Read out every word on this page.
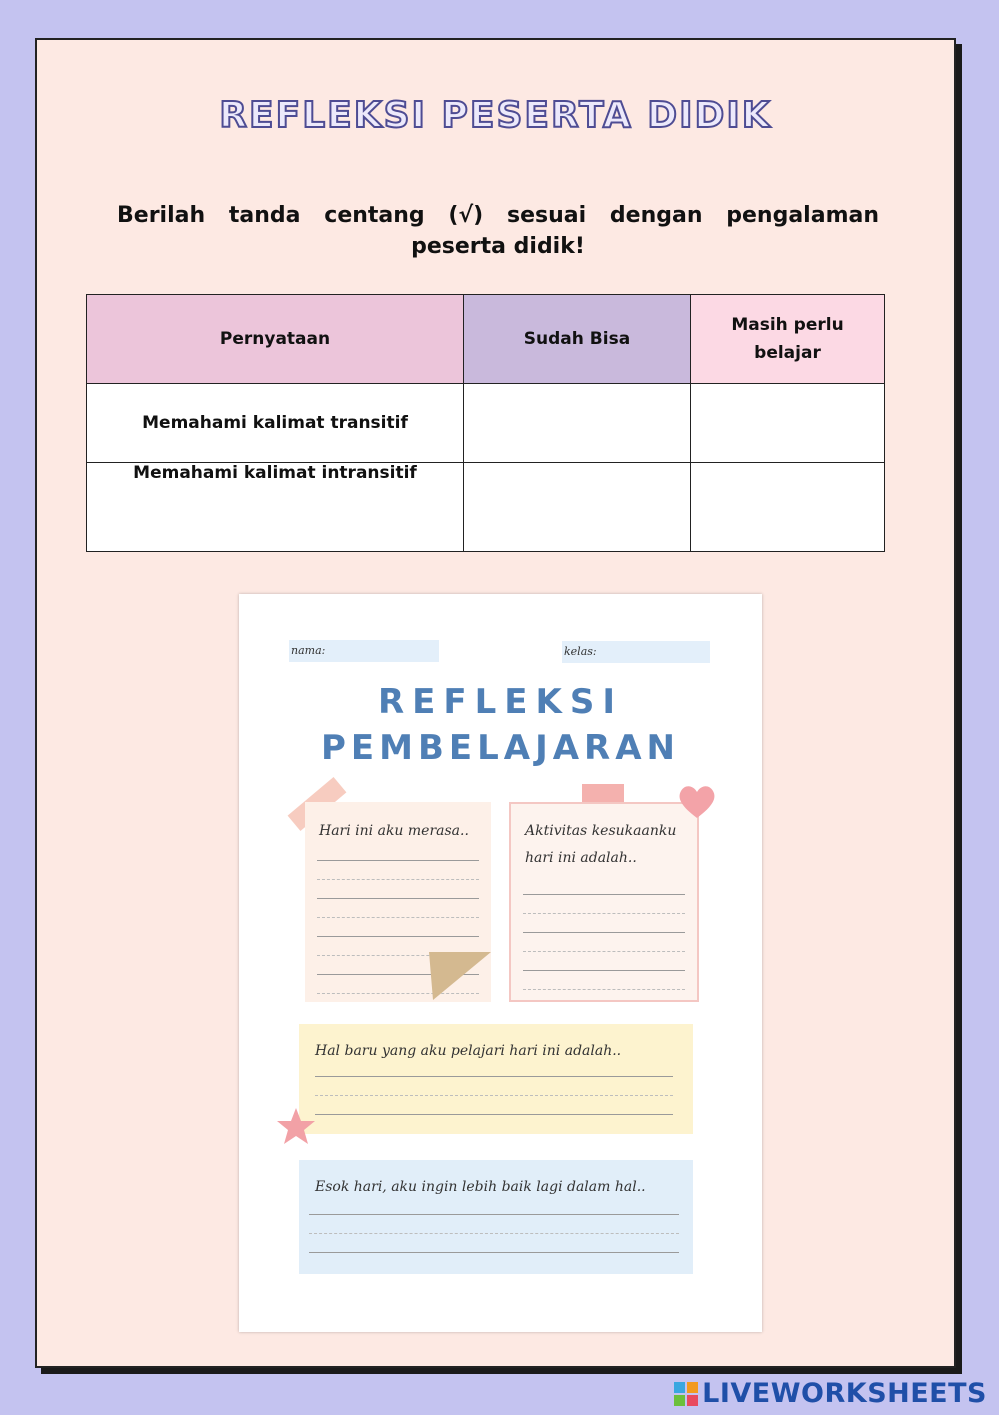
REFLEKSI PESERTA DIDIK
Berilah tanda centang (√) sesuai dengan pengalaman peserta didik!
Pernyataan	Sudah Bisa	Masih perlu belajar
Memahami kalimat transitif		
Memahami kalimat intransitif		
nama:	kelas:
REFLEKSI
PEMBELAJARAN
Hari ini aku merasa..	Aktivitas kesukaanku hari ini adalah..
Hal baru yang aku pelajari hari ini adalah..
Esok hari, aku ingin lebih baik lagi dalam hal..
LIVEWORKSHEETS
